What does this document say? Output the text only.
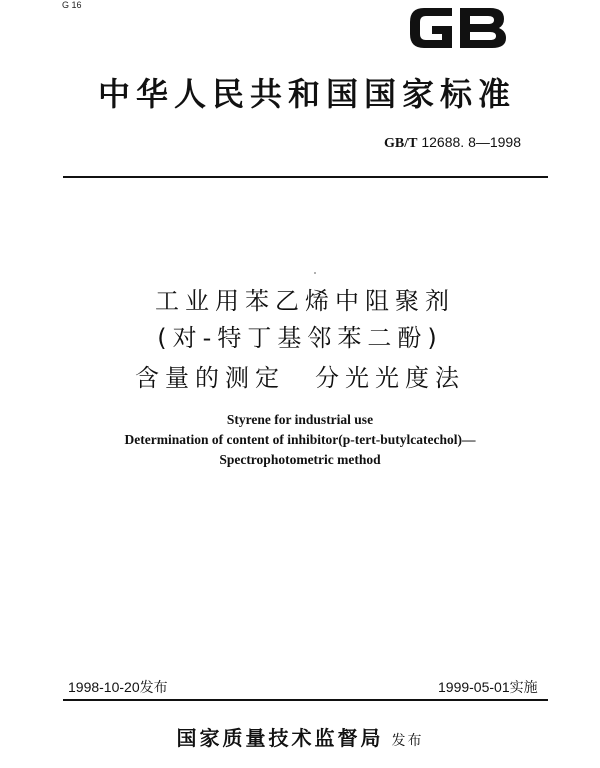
G 16
中华人民共和国国家标准
GB/T 12688. 8—1998
工业用苯乙烯中阻聚剂
(对-特丁基邻苯二酚)
含量的测定　分光光度法
Styrene for industrial use
Determination of content of inhibitor(p-tert-butylcatechol)—
Spectrophotometric method
1998-10-20发布	1999-05-01实施
国家质量技术监督局 发布
